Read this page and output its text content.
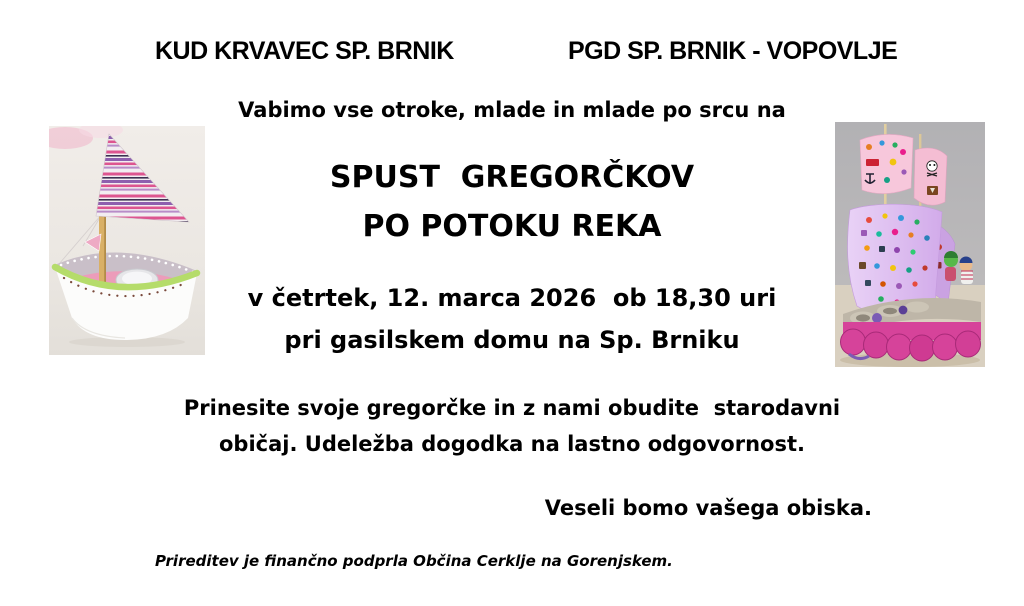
KUD KRVAVEC SP. BRNIK	PGD SP. BRNIK - VOPOVLJE
Vabimo vse otroke, mlade in mlade po srcu na
SPUST  GREGORČKOV
PO POTOKU REKA
v četrtek, 12. marca 2026  ob 18,30 uri
pri gasilskem domu na Sp. Brniku
Prinesite svoje gregorčke in z nami obudite  starodavni
običaj. Udeležba dogodka na lastno odgovornost.
Veseli bomo vašega obiska.
Prireditev je finančno podprla Občina Cerklje na Gorenjskem.
